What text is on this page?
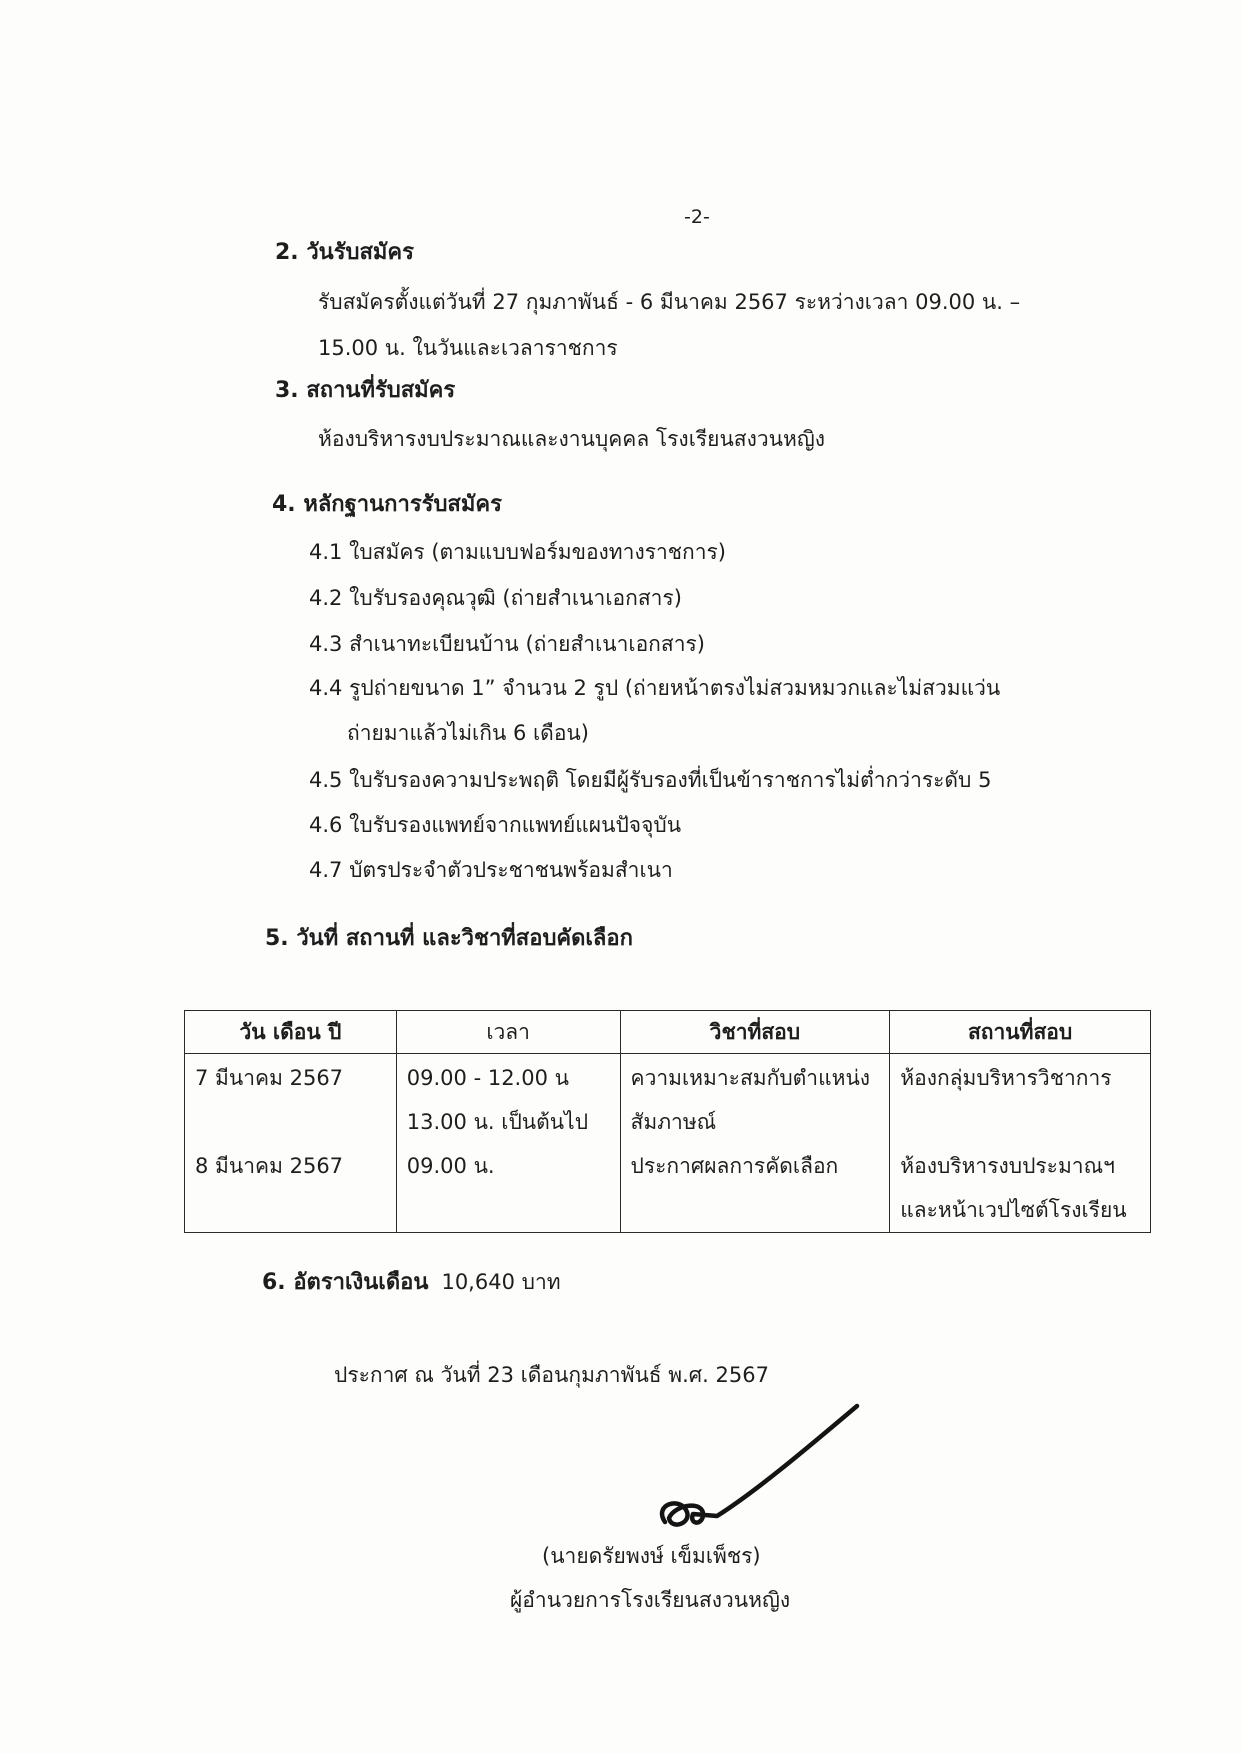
-2-
2. วันรับสมัคร
รับสมัครตั้งแต่วันที่ 27 กุมภาพันธ์ - 6 มีนาคม 2567 ระหว่างเวลา 09.00 น. –
15.00 น. ในวันและเวลาราชการ
3. สถานที่รับสมัคร
ห้องบริหารงบประมาณและงานบุคคล โรงเรียนสงวนหญิง
4. หลักฐานการรับสมัคร
4.1 ใบสมัคร (ตามแบบฟอร์มของทางราชการ)
4.2 ใบรับรองคุณวุฒิ (ถ่ายสำเนาเอกสาร)
4.3 สำเนาทะเบียนบ้าน (ถ่ายสำเนาเอกสาร)
4.4 รูปถ่ายขนาด 1” จำนวน 2 รูป (ถ่ายหน้าตรงไม่สวมหมวกและไม่สวมแว่น
ถ่ายมาแล้วไม่เกิน 6 เดือน)
4.5 ใบรับรองความประพฤติ โดยมีผู้รับรองที่เป็นข้าราชการไม่ต่ำกว่าระดับ 5
4.6 ใบรับรองแพทย์จากแพทย์แผนปัจจุบัน
4.7 บัตรประจำตัวประชาชนพร้อมสำเนา
5. วันที่ สถานที่ และวิชาที่สอบคัดเลือก
วัน เดือน ปี	เวลา	วิชาที่สอบ	สถานที่สอบ
7 มีนาคม 2567	09.00 - 12.00 น	ความเหมาะสมกับตำแหน่ง	ห้องกลุ่มบริหารวิชาการ
	13.00 น. เป็นต้นไป	สัมภาษณ์	
8 มีนาคม 2567	09.00 น.	ประกาศผลการคัดเลือก	ห้องบริหารงบประมาณฯ
			และหน้าเวปไซต์โรงเรียน
6. อัตราเงินเดือน 10,640 บาท
ประกาศ ณ วันที่ 23 เดือนกุมภาพันธ์ พ.ศ. 2567
(นายดรัยพงษ์ เข็มเพ็ชร)
ผู้อำนวยการโรงเรียนสงวนหญิง
